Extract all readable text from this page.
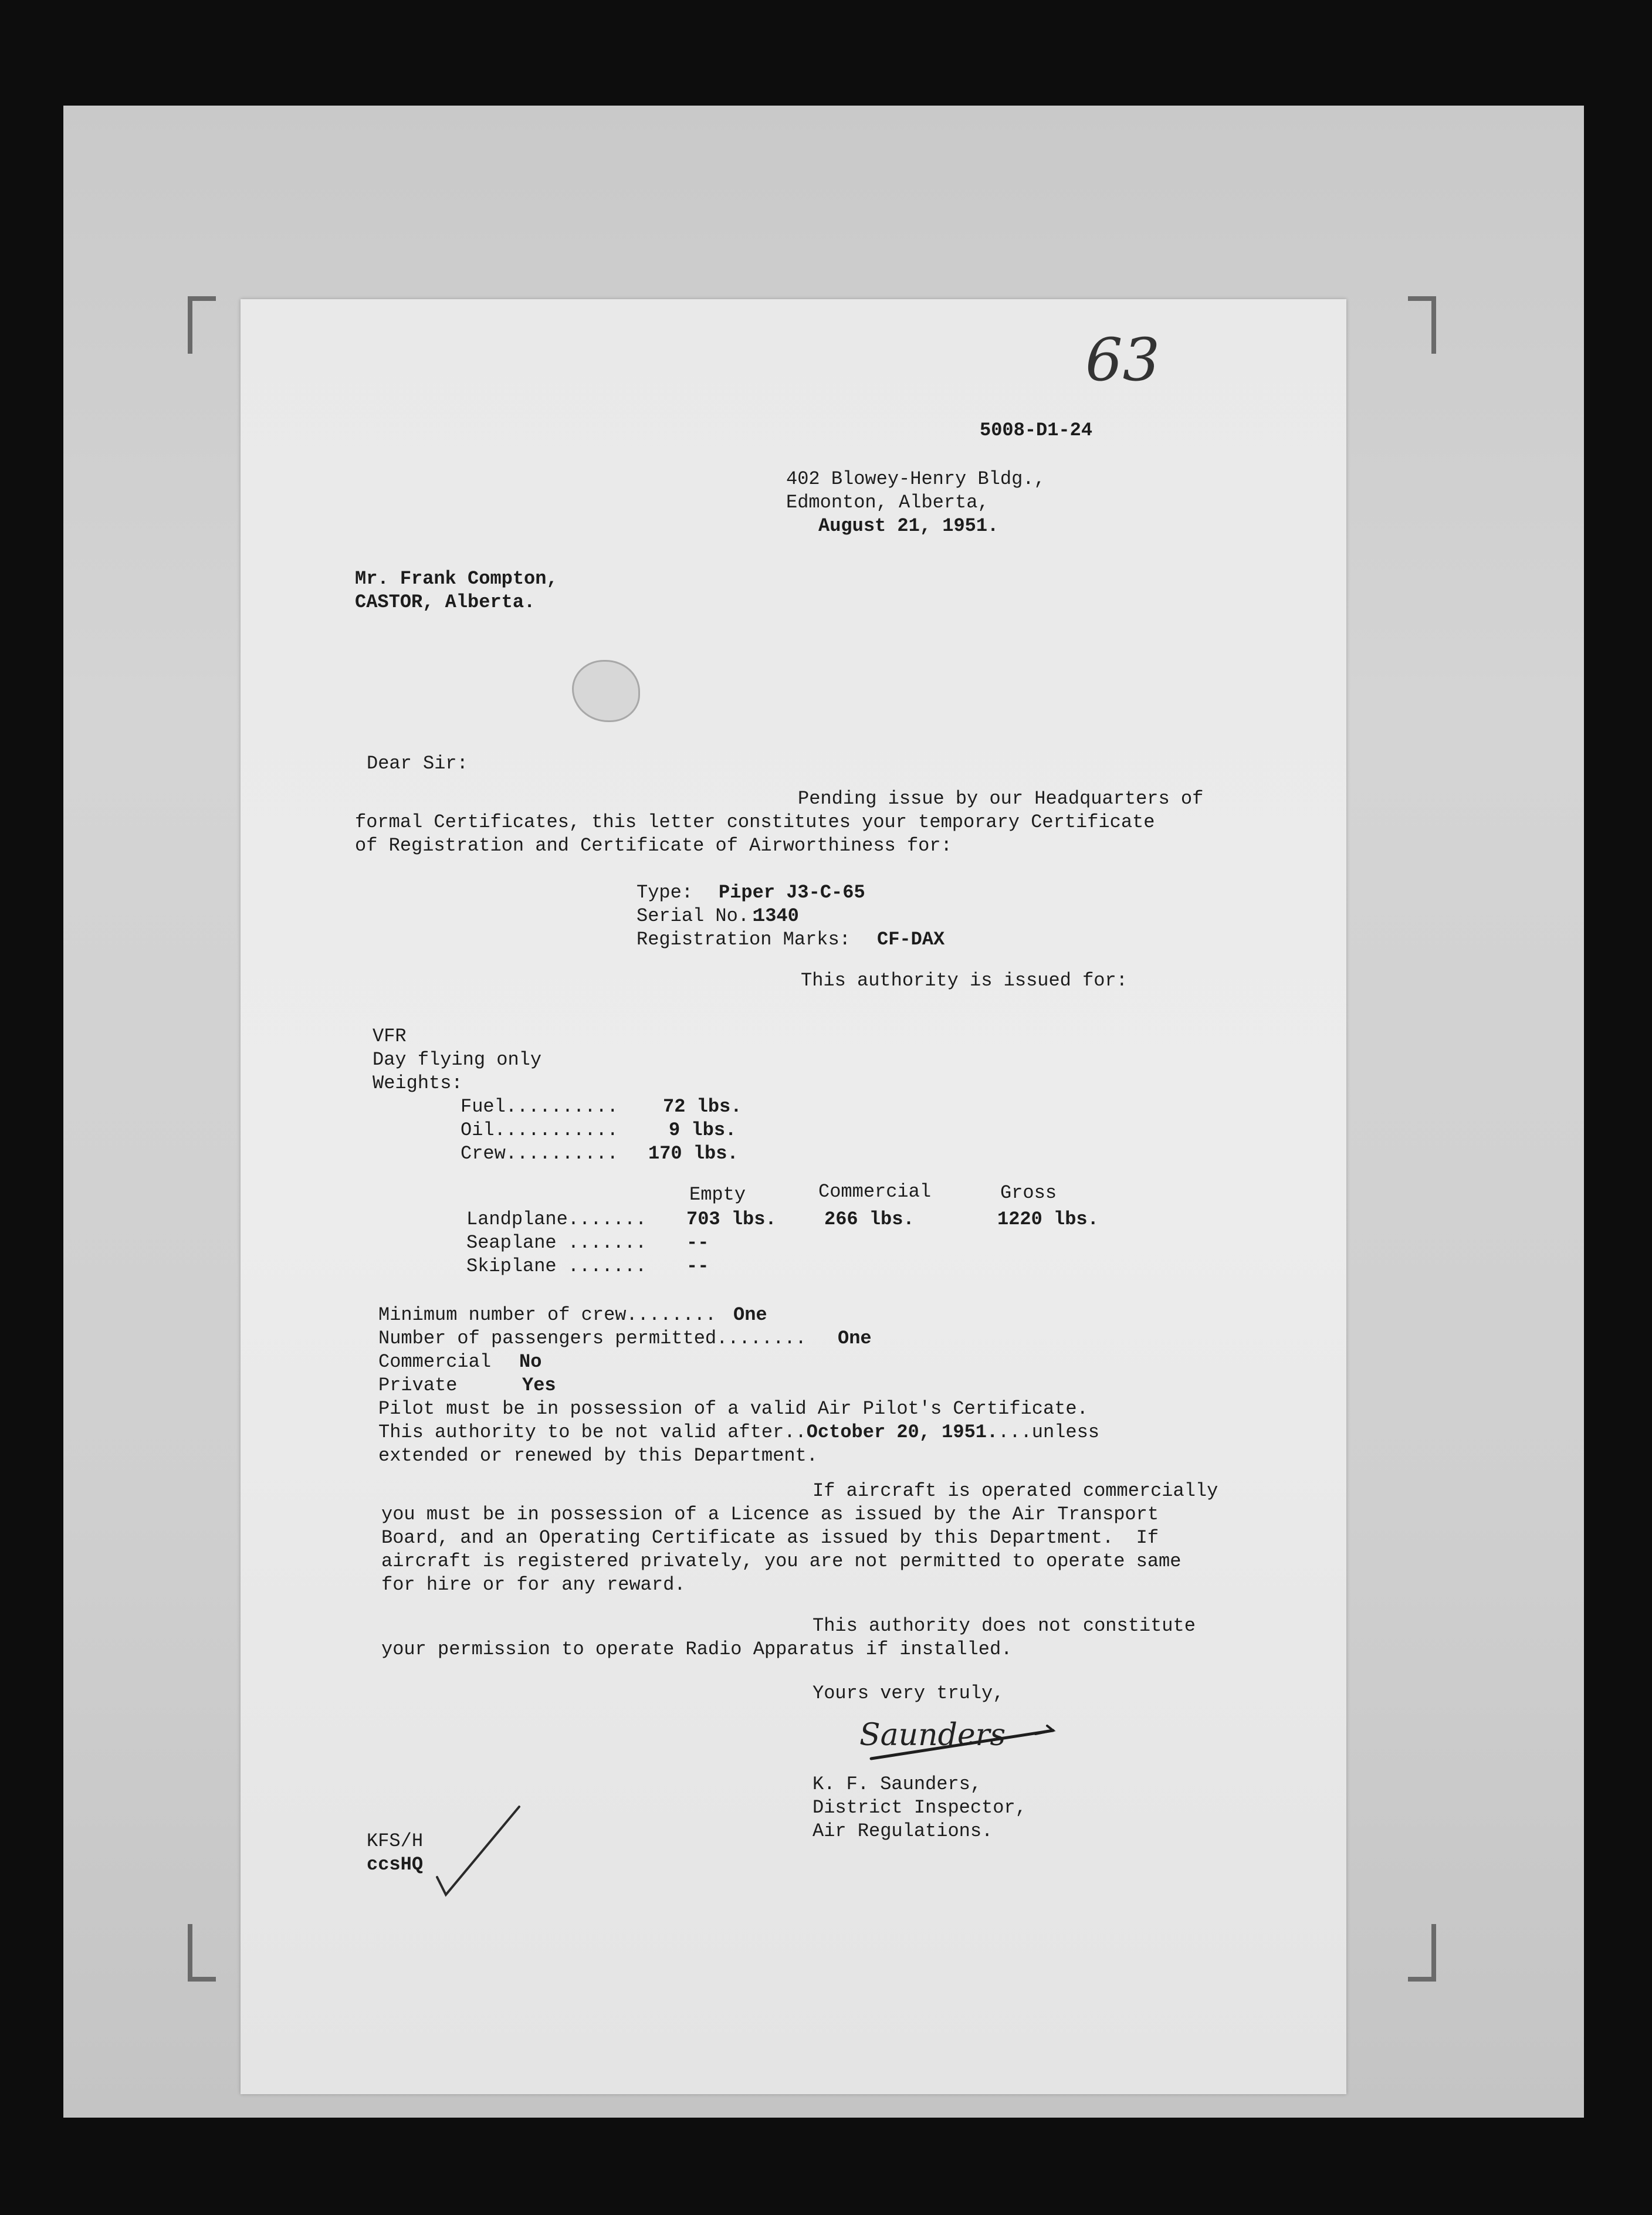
63
5008-D1-24
402 Blowey-Henry Bldg.,
Edmonton, Alberta,
August 21, 1951.
Mr. Frank Compton,
CASTOR, Alberta.
Dear Sir:
Pending issue by our Headquarters of
formal Certificates, this letter constitutes your temporary Certificate
of Registration and Certificate of Airworthiness for:
Type: Piper J3-C-65
Serial No.:
1340
Registration Marks: CF-DAX
This authority is issued for:
VFR
Day flying only
Weights:
Fuel.......... 72 lbs.
Oil...........	9 lbs.
Crew.......... 170 lbs.
Empty	Commercial	Gross
Landplane....... 703 lbs.	266 lbs.	1220 lbs.
Seaplane ....... --
Skiplane ....... --
Minimum number of crew........ One
Number of passengers permitted........ One
Commercial No
Private	Yes
Pilot must be in possession of a valid Air Pilot's Certificate.
This authority to be not valid after..October 20, 1951....unless
extended or renewed by this Department.
If aircraft is operated commercially
you must be in possession of a Licence as issued by the Air Transport
Board, and an Operating Certificate as issued by this Department.  If
aircraft is registered privately, you are not permitted to operate same
for hire or for any reward.
This authority does not constitute
your permission to operate Radio Apparatus if installed.
Yours very truly,
Saunders
K. F. Saunders,
District Inspector,
Air Regulations.
KFS/H
ccsHQ
